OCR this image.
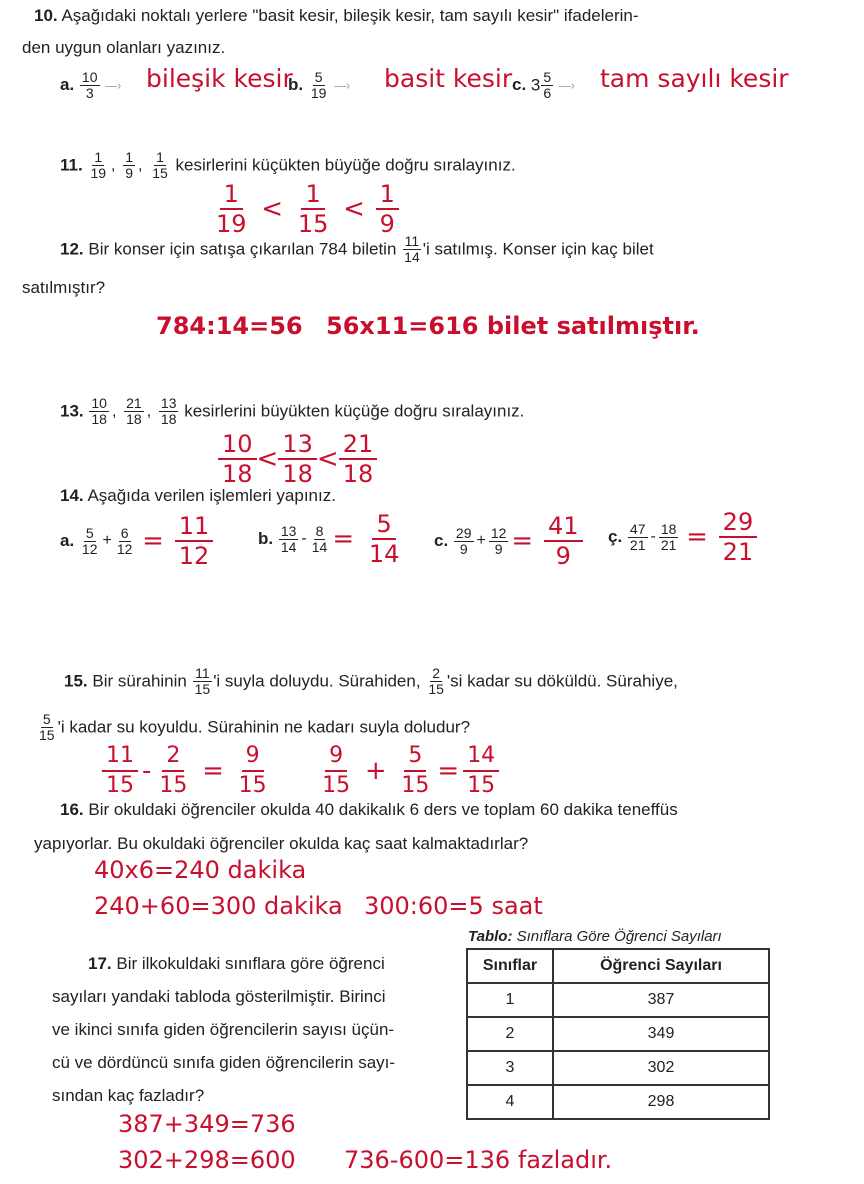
10. Aşağıdaki noktalı yerlere "basit kesir, bileşik kesir, tam sayılı kesir" ifadelerin-
den uygun olanları yazınız.
a. $\frac{10}{3}$ —› bileşik kesir
b. $\frac{5}{19}$ —› basit kesir c. $3 \frac{5}{6}$ —› tam sayılı kesir
11. $\frac{1}{19}$ , $\frac{1}{9}$ , $\frac{1}{15}$ kesirlerini küçükten büyüğe doğru sıralayınız.
$\frac{1}{19} < \frac{1}{15} < \frac{1}{9}$
12. Bir konser için satışa çıkarılan 784 biletin $\frac{11}{14}$ 'i satılmış. Konser için kaç bilet
satılmıştır?
784:14=56 56x11=616 bilet satılmıştır.
13. $\frac{10}{18}$ , $\frac{21}{18}$ , $\frac{13}{18}$ kesirlerini büyükten küçüğe doğru sıralayınız.
$\frac{10}{18} < \frac{13}{18} < \frac{21}{18}$
14. Aşağıda verilen işlemleri yapınız.
a. $\frac{5}{12} + \frac{6}{12} = \frac{11}{12}$	b. $\frac{13}{14} - \frac{8}{14} = \frac{5}{14} c$. $\frac{29}{9} + \frac{12}{9} = \frac{41}{9}$ ç. $\frac{47}{21} - \frac{18}{21} = \frac{29}{21}$
15. Bir sürahinin $\frac{11}{15}$ 'i suyla doluydu. Sürahiden, $\frac{2}{15}$ 'si kadar su döküldü. Sürahiye,
$\frac{5}{15}$ 'i kadar su koyuldu. Sürahinin ne kadarı suyla doludur?
$\frac{11}{15} - \frac{2}{15} = \frac{9}{15}$
$\frac{9}{15} + \frac{5}{15} = \frac{14}{15}$
16. Bir okuldaki öğrenciler okulda 40 dakikalık 6 ders ve toplam 60 dakika teneffüs
yapıyorlar. Bu okuldaki öğrenciler okulda kaç saat kalmaktadırlar?
40x6=240 dakika
240+60=300 dakika 300:60=5 saat
17. Bir ilkokuldaki sınıflara göre öğrenci
sayıları yandaki tabloda gösterilmiştir. Birinci
ve ikinci sınıfa giden öğrencilerin sayısı üçün-
cü ve dördüncü sınıfa giden öğrencilerin sayı-
sından kaç fazladır?
Tablo: Sınıflara Göre Öğrenci Sayıları
Sınıflar	Öğrenci Sayıları
1	387
2	349
3	302
4	298
387+349=736
302+298=600 736-600=136 fazladır.
